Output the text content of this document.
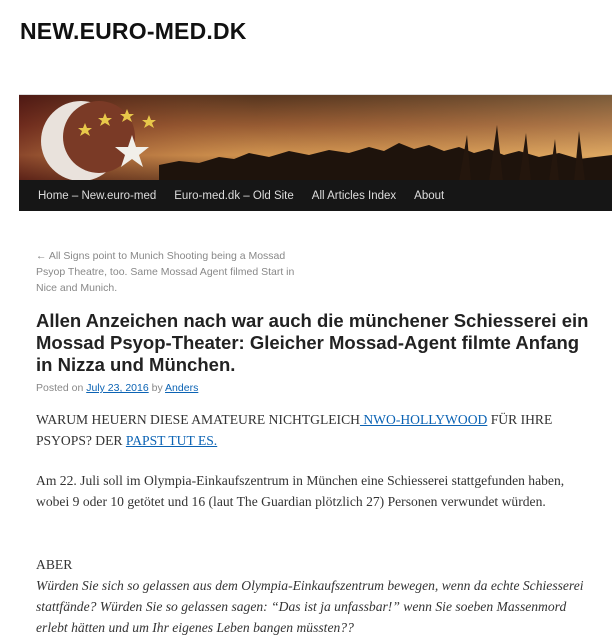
NEW.EURO-MED.DK
Home – New.euro-med Euro-med.dk – Old Site All Articles Index About
← All Signs point to Munich Shooting being a Mossad Psyop Theatre, too. Same Mossad Agent filmed Start in Nice and Munich.
Allen Anzeichen nach war auch die münchener Schiesserei ein Mossad Psyop-Theater: Gleicher Mossad-Agent filmte Anfang in Nizza und München.
Posted on July 23, 2016 by Anders
WARUM HEUERN DIESE AMATEURE NICHTGLEICH NWO-HOLLYWOOD FÜR IHRE PSYOPS? DER PAPST TUT ES.
Am 22. Juli soll im Olympia-Einkaufszentrum in München eine Schiesserei stattgefunden haben, wobei 9 oder 10 getötet und 16 (laut The Guardian plötzlich 27) Personen verwundet würden.
ABER
Würden Sie sich so gelassen aus dem Olympia-Einkaufszentrum bewegen, wenn da echte Schiesserei stattfände? Würden Sie so gelassen sagen: “Das ist ja unfassbar!” wenn Sie soeben Massenmord erlebt hätten und um Ihr eigenes Leben bangen müssten??
